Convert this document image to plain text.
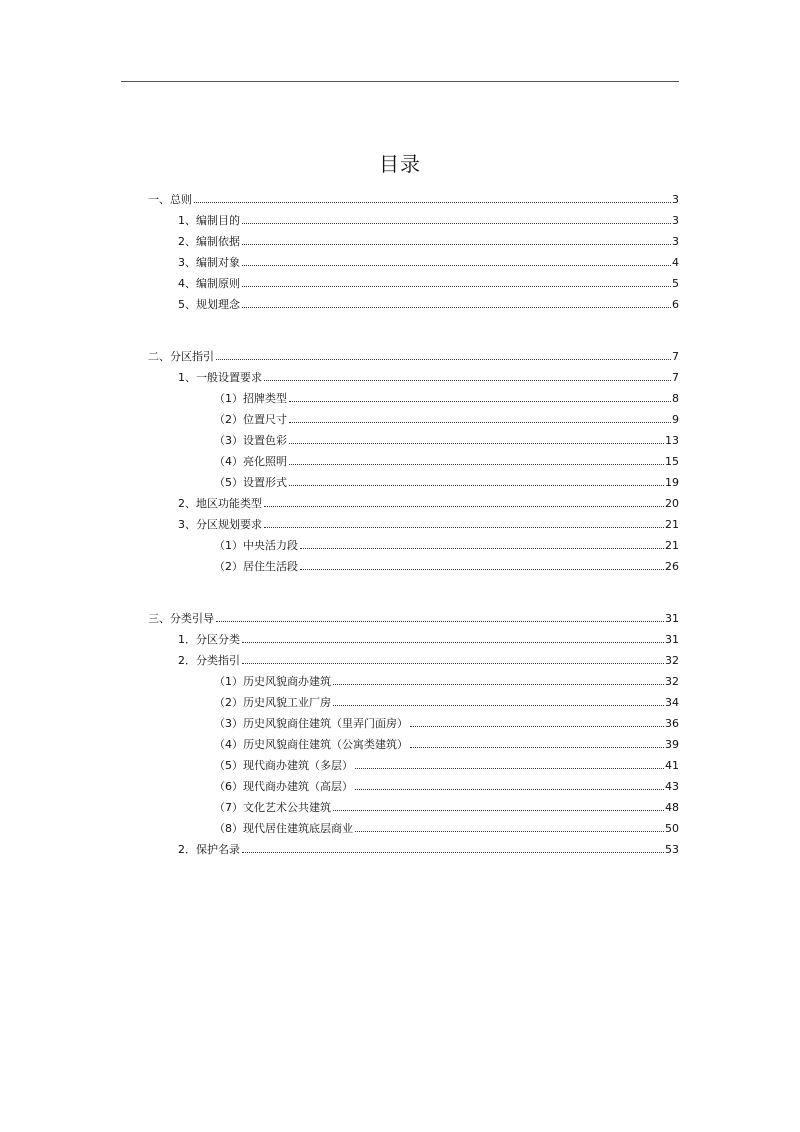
目录
一、总则	3
1、编制目的	3
2、编制依据	3
3、编制对象	4
4、编制原则	5
5、规划理念	6
二、分区指引	7
1、一般设置要求	7
（1）招牌类型	8
（2）位置尺寸	9
（3）设置色彩	13
（4）亮化照明	15
（5）设置形式	19
2、地区功能类型	20
3、分区规划要求	21
（1）中央活力段	21
（2）居住生活段	26
三、分类引导	31
1．分区分类	31
2．分类指引	32
（1）历史风貌商办建筑	32
（2）历史风貌工业厂房	34
（3）历史风貌商住建筑（里弄门面房）	36
（4）历史风貌商住建筑（公寓类建筑）	39
（5）现代商办建筑（多层）	41
（6）现代商办建筑（高层）	43
（7）文化艺术公共建筑	48
（8）现代居住建筑底层商业	50
2．保护名录	53
